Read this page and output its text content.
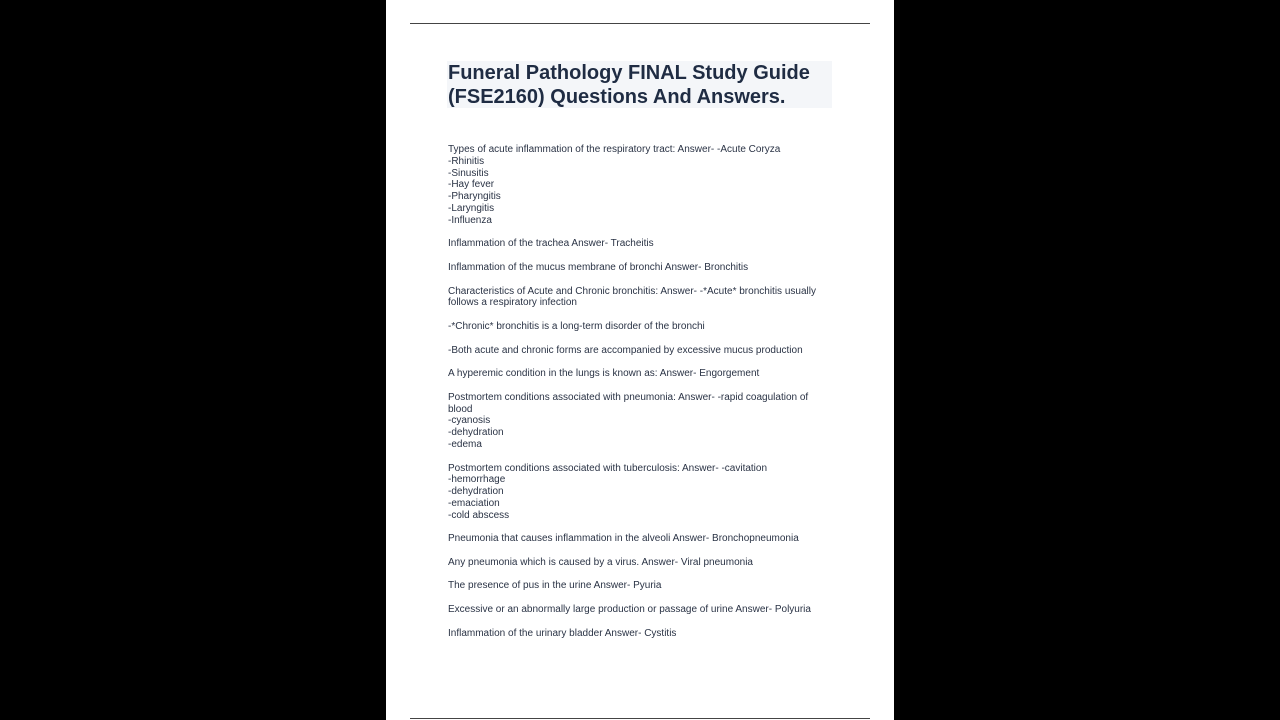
Funeral Pathology FINAL Study Guide
(FSE2160) Questions And Answers.
Types of acute inflammation of the respiratory tract: Answer- -Acute Coryza
-Rhinitis
-Sinusitis
-Hay fever
-Pharyngitis
-Laryngitis
-Influenza
Inflammation of the trachea Answer- Tracheitis
Inflammation of the mucus membrane of bronchi Answer- Bronchitis
Characteristics of Acute and Chronic bronchitis: Answer- -*Acute* bronchitis usually
follows a respiratory infection
-*Chronic* bronchitis is a long-term disorder of the bronchi
-Both acute and chronic forms are accompanied by excessive mucus production
A hyperemic condition in the lungs is known as: Answer- Engorgement
Postmortem conditions associated with pneumonia: Answer- -rapid coagulation of
blood
-cyanosis
-dehydration
-edema
Postmortem conditions associated with tuberculosis: Answer- -cavitation
-hemorrhage
-dehydration
-emaciation
-cold abscess
Pneumonia that causes inflammation in the alveoli Answer- Bronchopneumonia
Any pneumonia which is caused by a virus. Answer- Viral pneumonia
The presence of pus in the urine Answer- Pyuria
Excessive or an abnormally large production or passage of urine Answer- Polyuria
Inflammation of the urinary bladder Answer- Cystitis
